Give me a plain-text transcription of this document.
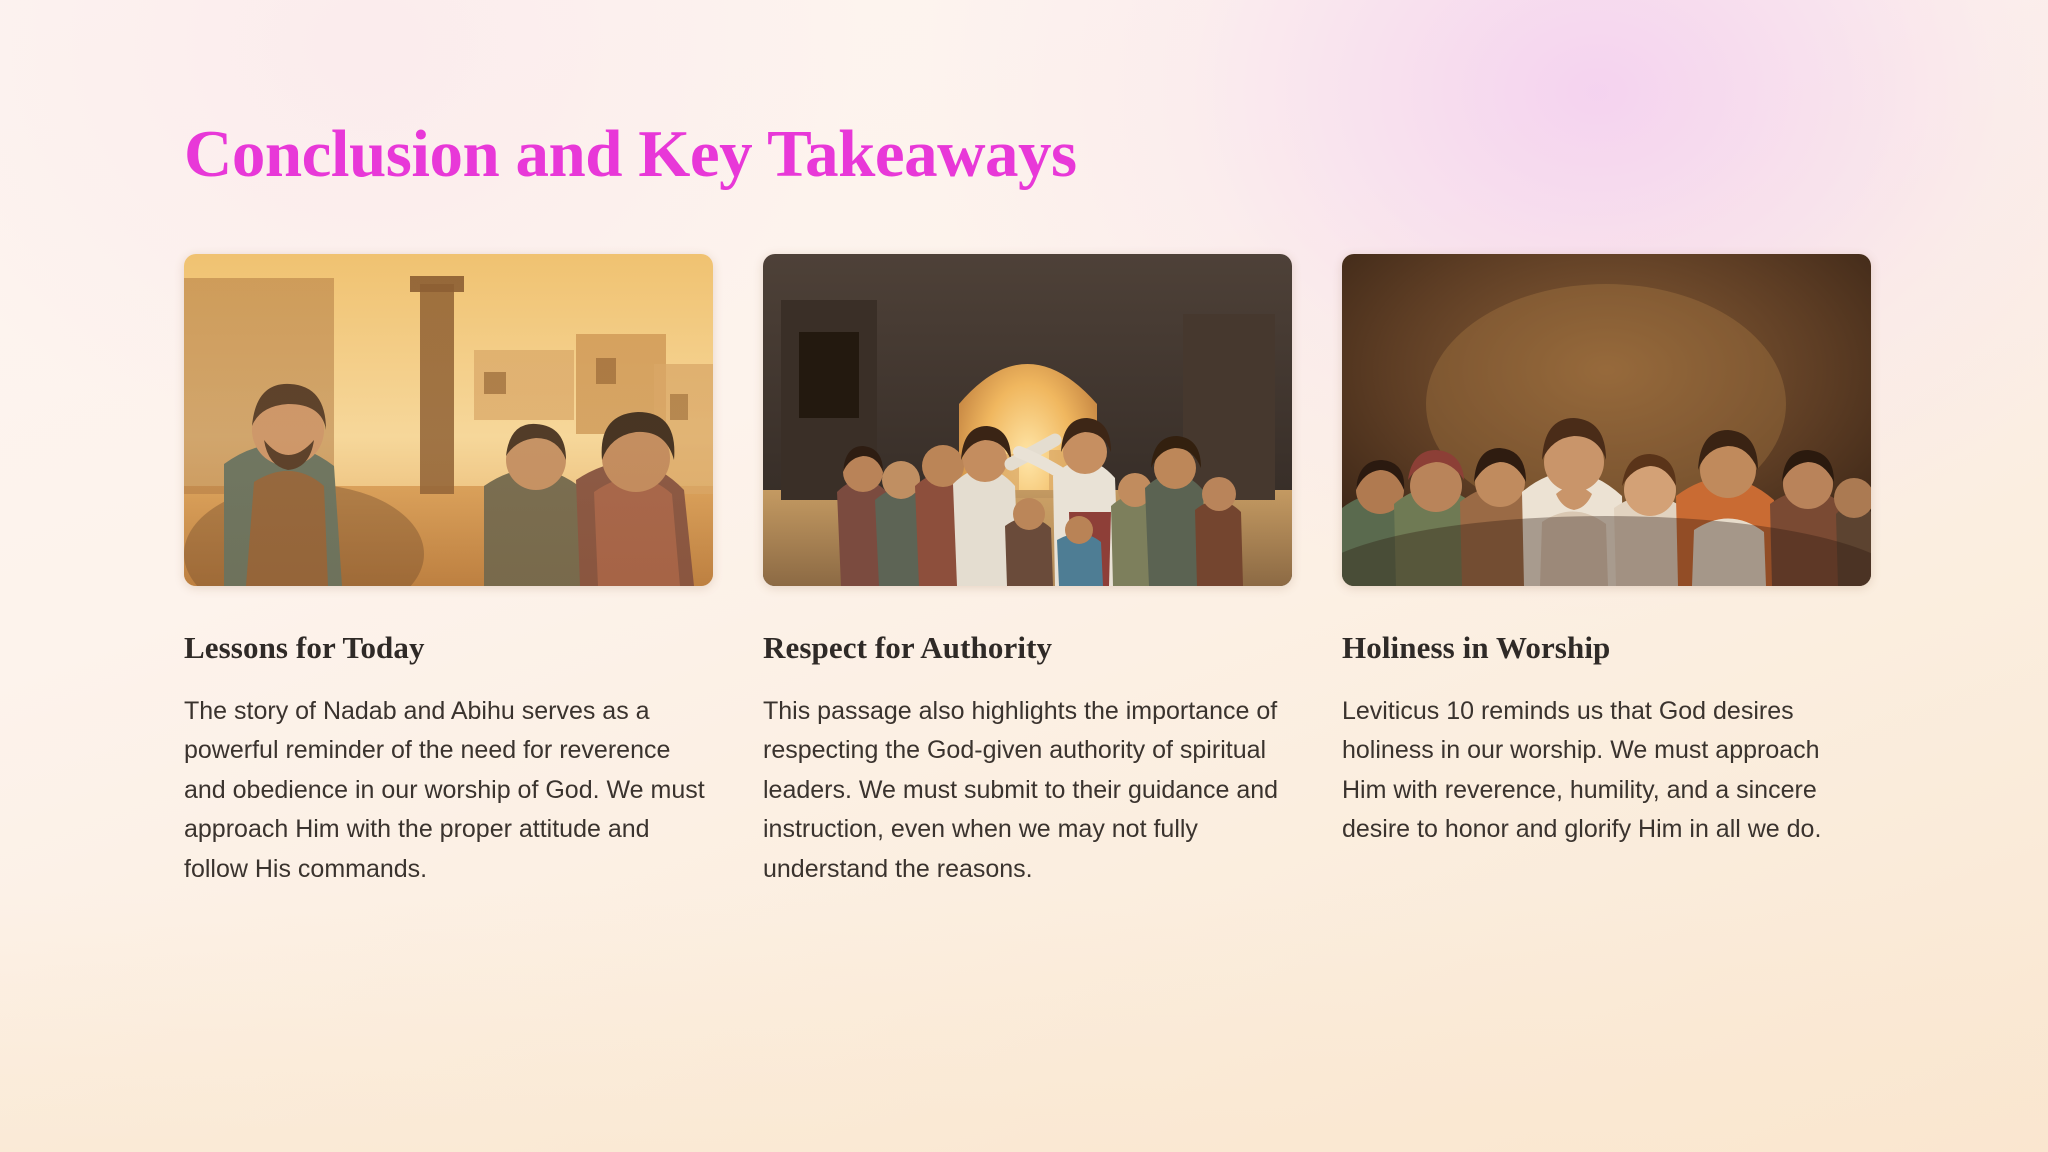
Conclusion and Key Takeaways
Lessons for Today

The story of Nadab and Abihu serves as a powerful reminder of the need for reverence and obedience in our worship of God. We must approach Him with the proper attitude and follow His commands.

Respect for Authority

This passage also highlights the importance of respecting the God-given authority of spiritual leaders. We must submit to their guidance and instruction, even when we may not fully understand the reasons.

Holiness in Worship

Leviticus 10 reminds us that God desires holiness in our worship. We must approach Him with reverence, humility, and a sincere desire to honor and glorify Him in all we do.
